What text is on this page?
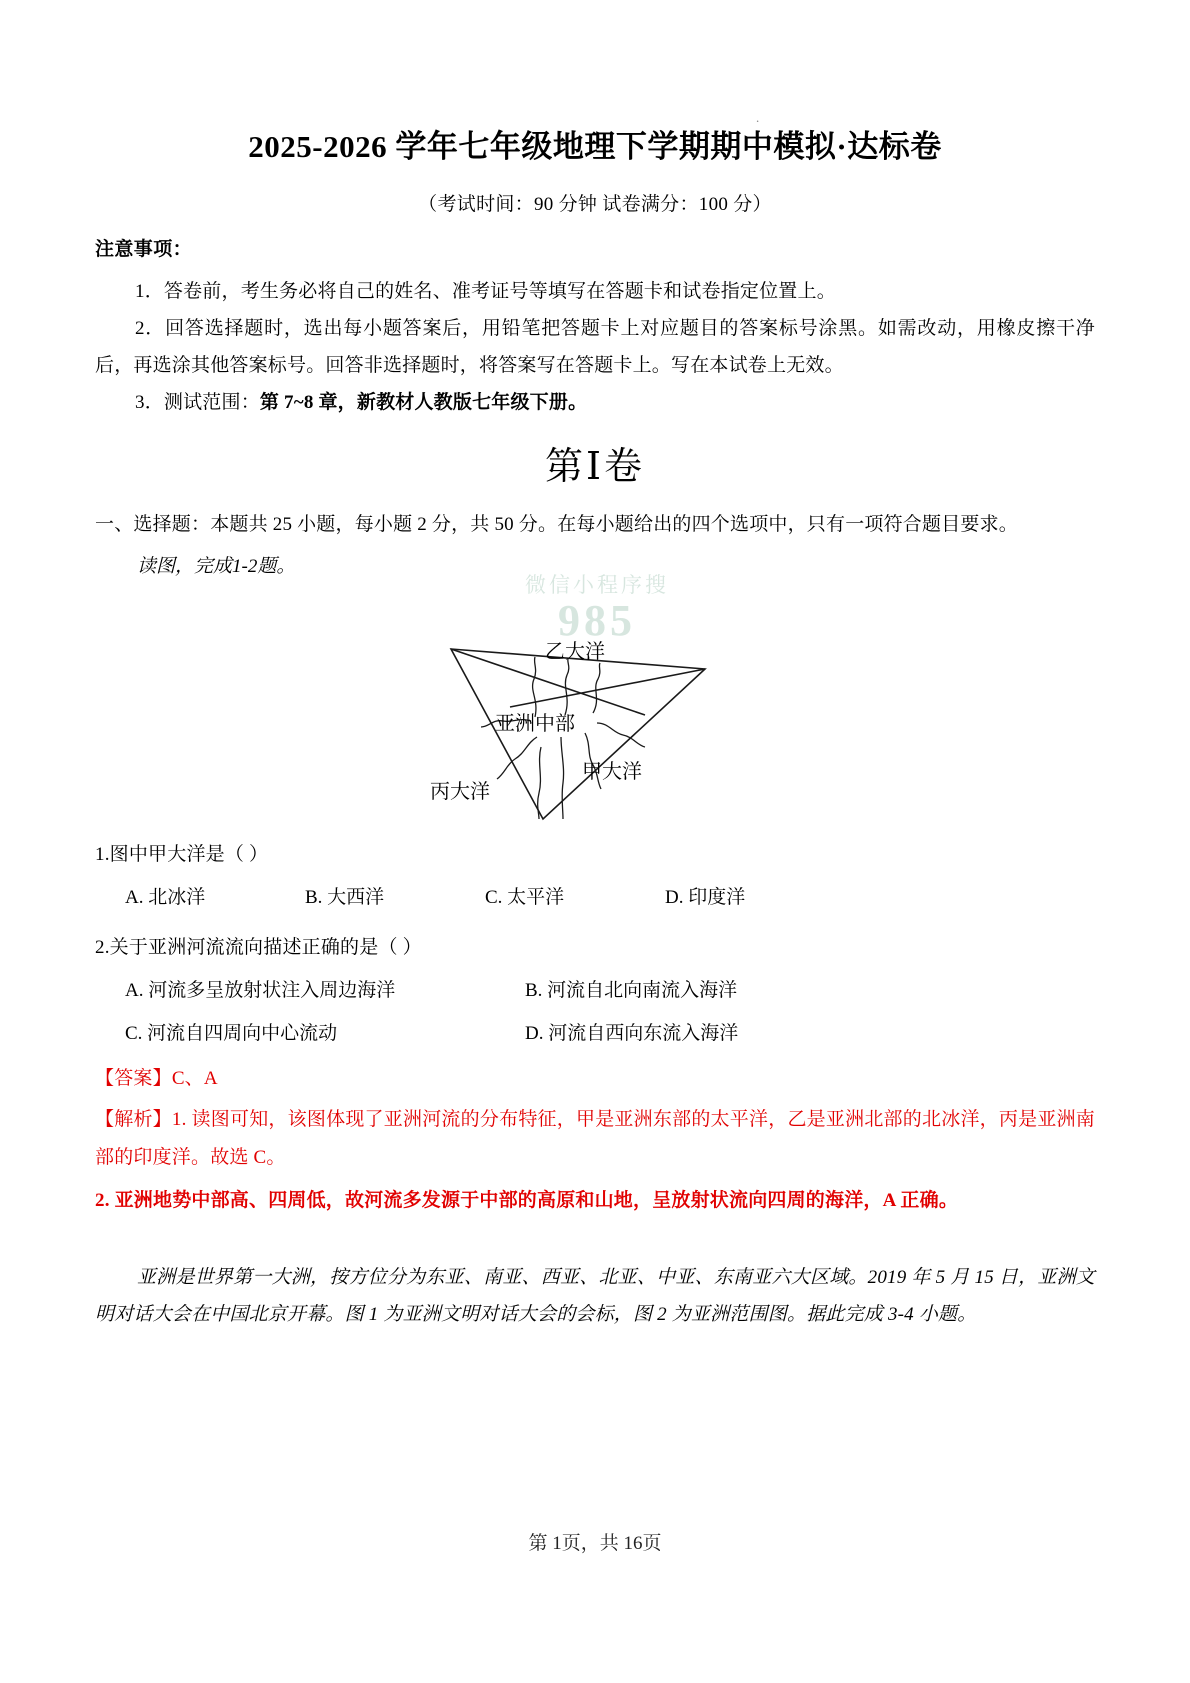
.
2025-2026 学年七年级地理下学期期中模拟·达标卷
（考试时间：90 分钟 试卷满分：100 分）
注意事项：

1．答卷前，考生务必将自己的姓名、准考证号等填写在答题卡和试卷指定位置上。

2．回答选择题时，选出每小题答案后，用铅笔把答题卡上对应题目的答案标号涂黑。如需改动，用橡皮擦干净后，再选涂其他答案标号。回答非选择题时，将答案写在答题卡上。写在本试卷上无效。

3．测试范围：第 7~8 章，新教材人教版七年级下册。

第Ⅰ卷

一、选择题：本题共 25 小题，每小题 2 分，共 50 分。在每小题给出的四个选项中，只有一项符合题目要求。

读图，完成1-2题。

微信小程序搜
985
乙大洋
亚洲中部
甲大洋
丙大洋

1.图中甲大洋是（ ）

A. 北冰洋	B. 大西洋	C. 太平洋	D. 印度洋

2.关于亚洲河流流向描述正确的是（ ）

A. 河流多呈放射状注入周边海洋	B. 河流自北向南流入海洋
C. 河流自四周向中心流动	D. 河流自西向东流入海洋

【答案】C、A

【解析】1. 读图可知，该图体现了亚洲河流的分布特征，甲是亚洲东部的太平洋，乙是亚洲北部的北冰洋，丙是亚洲南部的印度洋。故选 C。

2. 亚洲地势中部高、四周低，故河流多发源于中部的高原和山地，呈放射状流向四周的海洋，A 正确。

亚洲是世界第一大洲，按方位分为东亚、南亚、西亚、北亚、中亚、东南亚六大区域。2019 年 5 月 15 日，亚洲文明对话大会在中国北京开幕。图 1 为亚洲文明对话大会的会标，图 2 为亚洲范围图。据此完成 3-4 小题。

第 1页，共 16页
